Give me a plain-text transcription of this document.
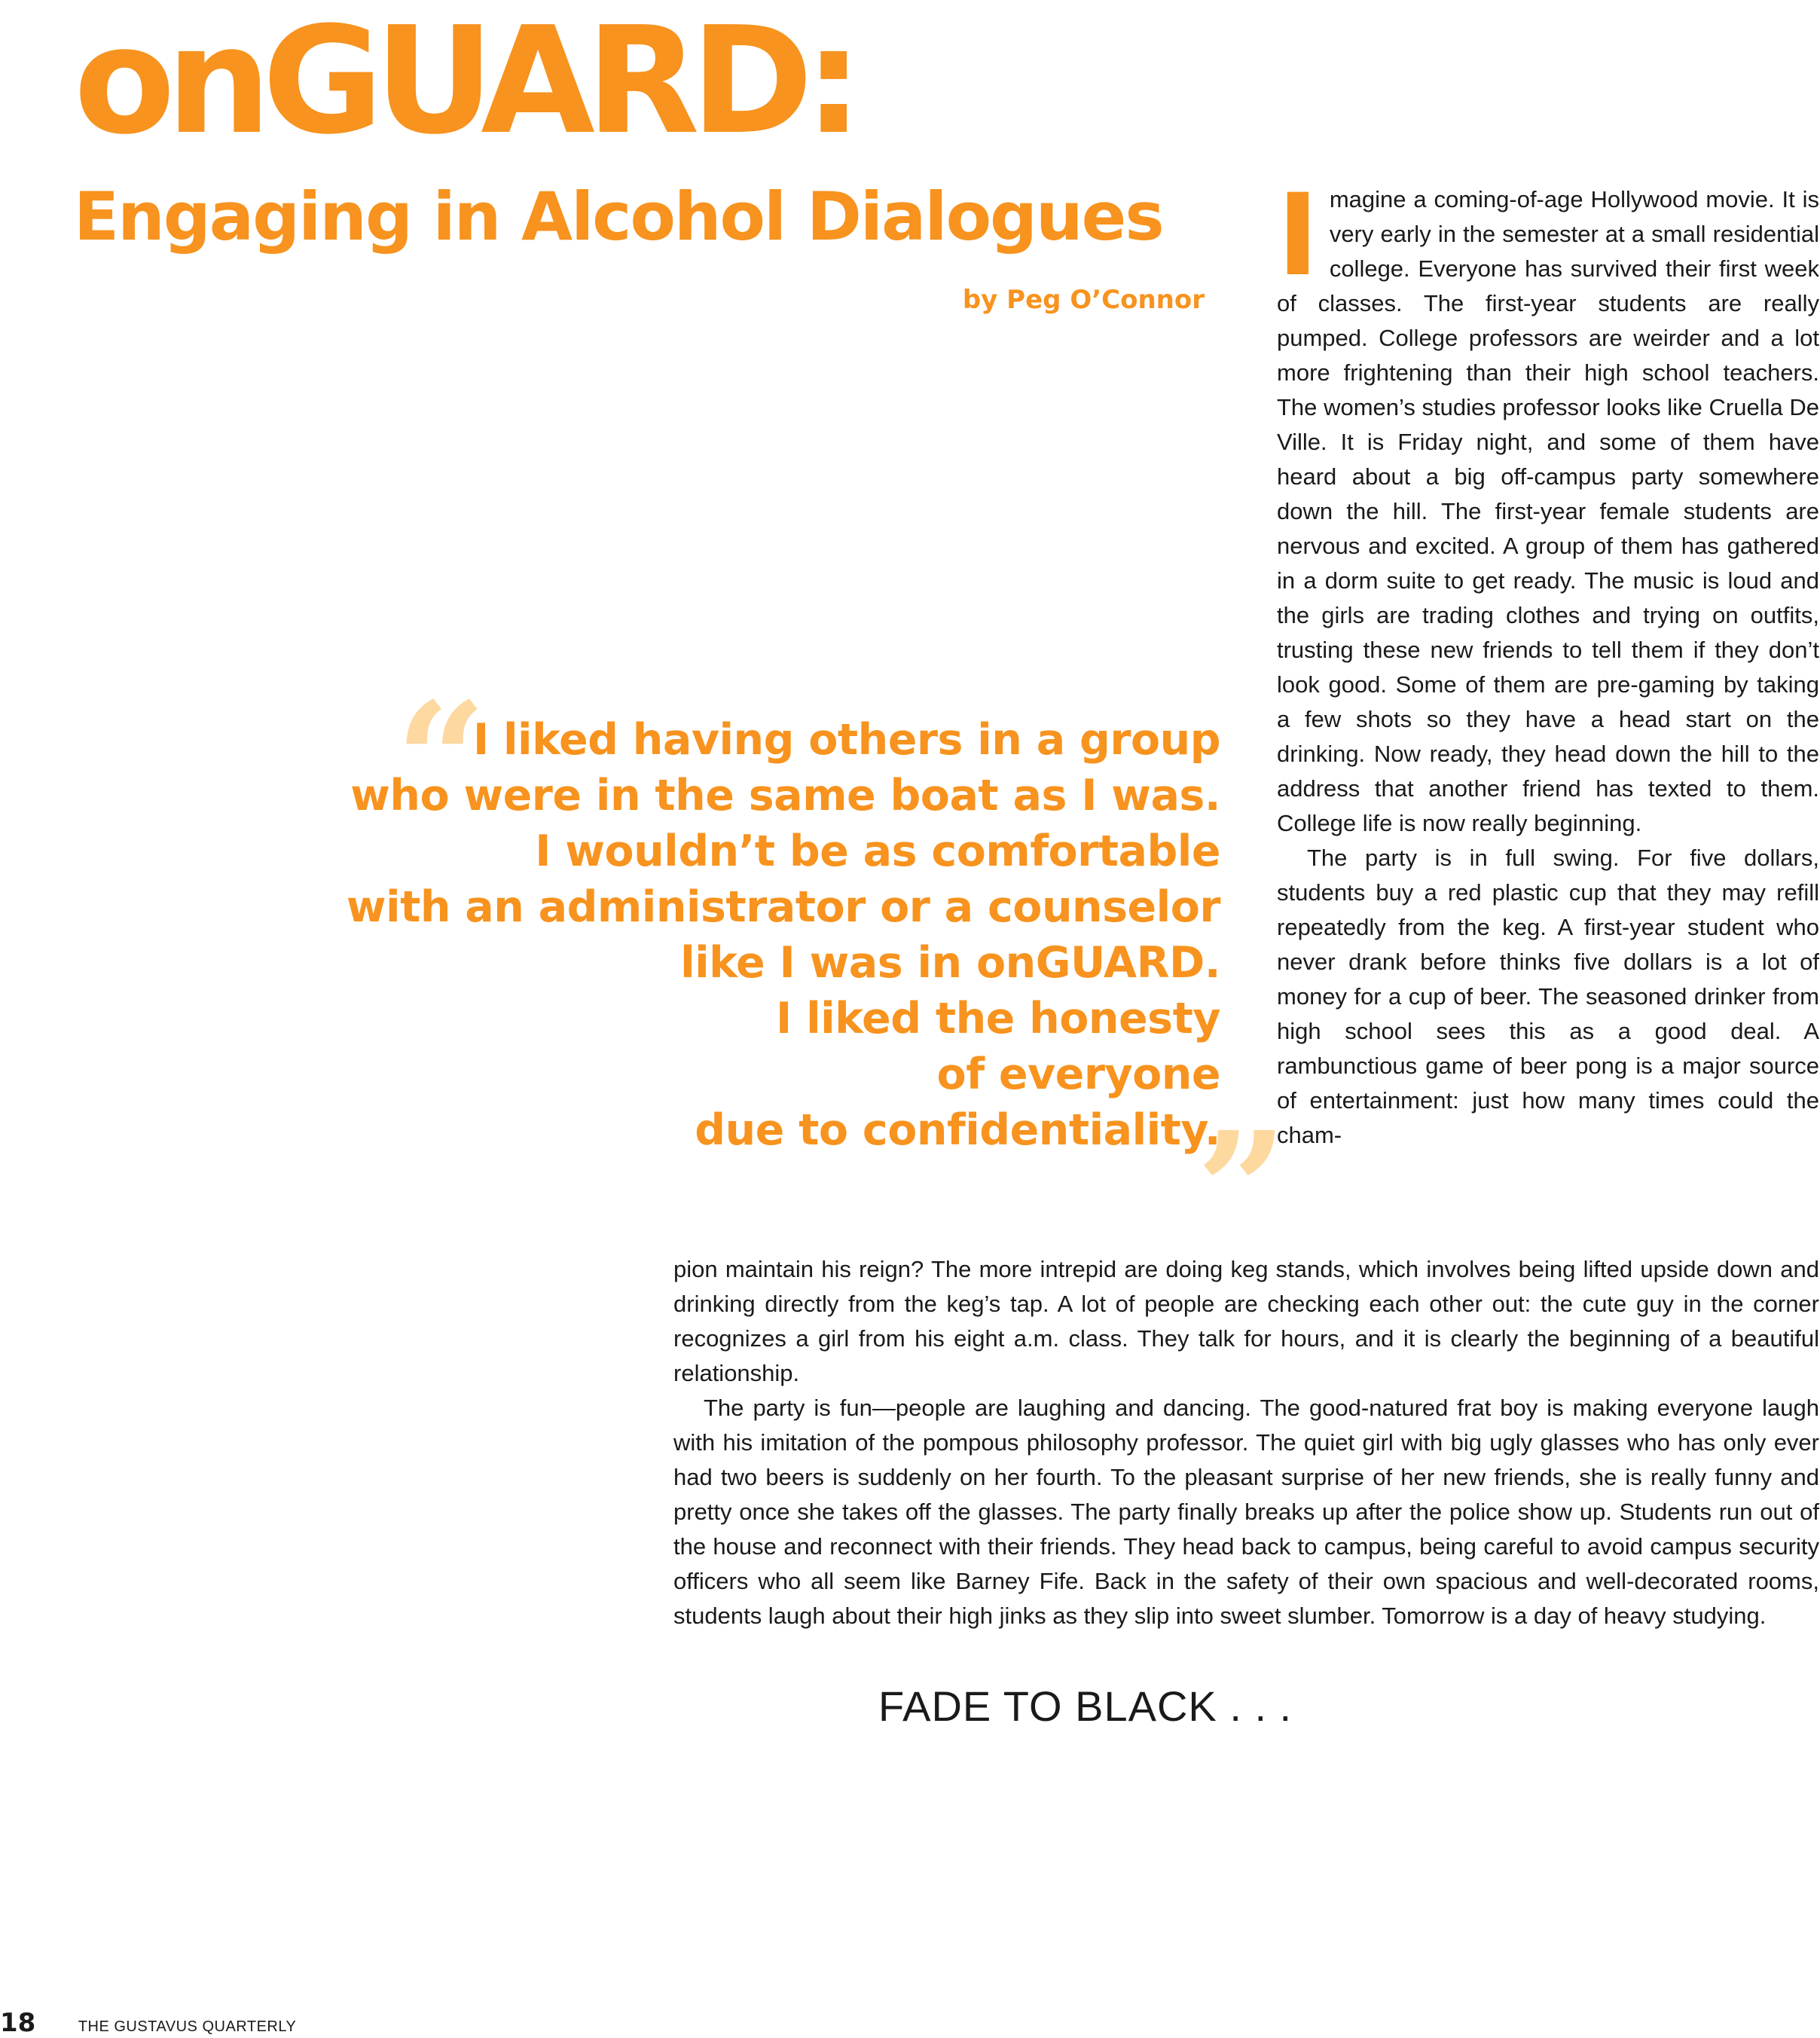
onGUARD:
Engaging in Alcohol Dialogues
by Peg O’Connor Imagine a coming-of-age Hollywood movie. It is very early in the semester at a small residential college. Everyone has survived their first week of classes. The first-year students are really pumped. College professors are weirder and a lot more frightening than their high school teachers. The women’s studies professor looks like Cruella De Ville. It is Friday night, and some of them have heard about a big off-campus party somewhere down the hill. The first-year female students are nervous and excited. A group of them has gathered in a dorm suite to get ready. The music is loud and the girls are trading clothes and trying on outfits, trusting these new friends to tell them if they don’t look good. Some of them are pre-gaming by taking a few shots so they have a head start on the drinking. Now ready, they head down the hill to the address that another friend has texted to them. College life is now really beginning.

The party is in full swing. For five dollars, students buy a red plastic cup that they may refill repeatedly from the keg. A first-year student who never drank before thinks five dollars is a lot of money for a cup of beer. The seasoned drinker from high school sees this as a good deal. A rambunctious game of beer pong is a major source of entertainment: just how many times could the cham-

“

I liked having others in a group
who were in the same boat as I was.
I wouldn’t be as comfortable
with an administrator or a counselor
like I was in onGUARD.
I liked the honesty
of everyone
due to confidentiality.

”

pion maintain his reign? The more intrepid are doing keg stands, which involves being lifted upside down and drinking directly from the keg’s tap. A lot of people are checking each other out: the cute guy in the corner recognizes a girl from his eight a.m. class. They talk for hours, and it is clearly the beginning of a beautiful relationship.

The party is fun—people are laughing and dancing. The good-natured frat boy is making everyone laugh with his imitation of the pompous philosophy professor. The quiet girl with big ugly glasses who has only ever had two beers is suddenly on her fourth. To the pleasant surprise of her new friends, she is really funny and pretty once she takes off the glasses. The party finally breaks up after the police show up. Students run out of the house and reconnect with their friends. They head back to campus, being careful to avoid campus security officers who all seem like Barney Fife. Back in the safety of their own spacious and well-decorated rooms, students laugh about their high jinks as they slip into sweet slumber. Tomorrow is a day of heavy studying.

FADE TO BLACK . . .
18	THE GUSTAVUS QUARTERLY
